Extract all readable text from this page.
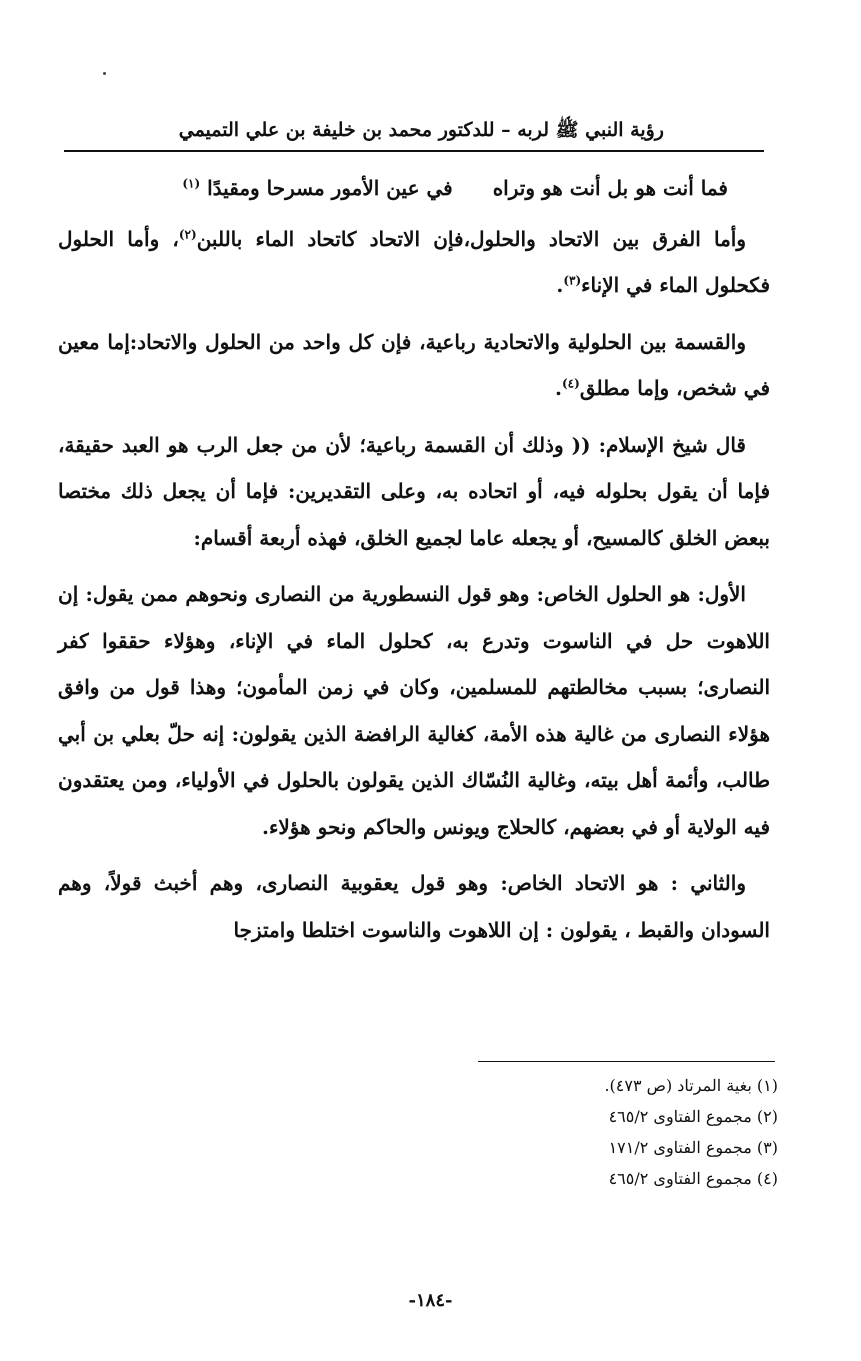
رؤية النبي ﷺ لربه – للدكتور محمد بن خليفة بن علي التميمي
فما أنت هو بل أنت هو وتراه
في عين الأمور مسرحا ومقيدًا $^{(١)}$

وأما الفرق بين الاتحاد والحلول،فإن الاتحاد كاتحاد الماء باللبن$^{(٢)}$، وأما الحلول فكحلول الماء في الإناء$^{(٣)}$.

والقسمة بين الحلولية والاتحادية رباعية، فإن كل واحد من الحلول والاتحاد:إما معين في شخص، وإما مطلق$^{(٤)}$.

قال شيخ الإسلام: (( وذلك أن القسمة رباعية؛ لأن من جعل الرب هو العبد حقيقة، فإما أن يقول بحلوله فيه، أو اتحاده به، وعلى التقديرين: فإما أن يجعل ذلك مختصا ببعض الخلق كالمسيح، أو يجعله عاما لجميع الخلق، فهذه أربعة أقسام:

الأول: هو الحلول الخاص: وهو قول النسطورية من النصارى ونحوهم ممن يقول: إن اللاهوت حل في الناسوت وتدرع به، كحلول الماء في الإناء، وهؤلاء حققوا كفر النصارى؛ بسبب مخالطتهم للمسلمين، وكان في زمن المأمون؛ وهذا قول من وافق هؤلاء النصارى من غالية هذه الأمة، كغالية الرافضة الذين يقولون: إنه حلّ بعلي بن أبي طالب، وأئمة أهل بيته، وغالية النُسّاك الذين يقولون بالحلول في الأولياء، ومن يعتقدون فيه الولاية أو في بعضهم، كالحلاج ويونس والحاكم ونحو هؤلاء.

والثاني : هو الاتحاد الخاص: وهو قول يعقوبية النصارى، وهم أخبث قولاً، وهم السودان والقبط ، يقولون : إن اللاهوت والناسوت اختلطا وامتزجا

(١) بغية المرتاد (ص ٤٧٣).
(٢) مجموع الفتاوى ٤٦٥/٢
(٣) مجموع الفتاوى ١٧١/٢
(٤) مجموع الفتاوى ٤٦٥/٢
-١٨٤-
